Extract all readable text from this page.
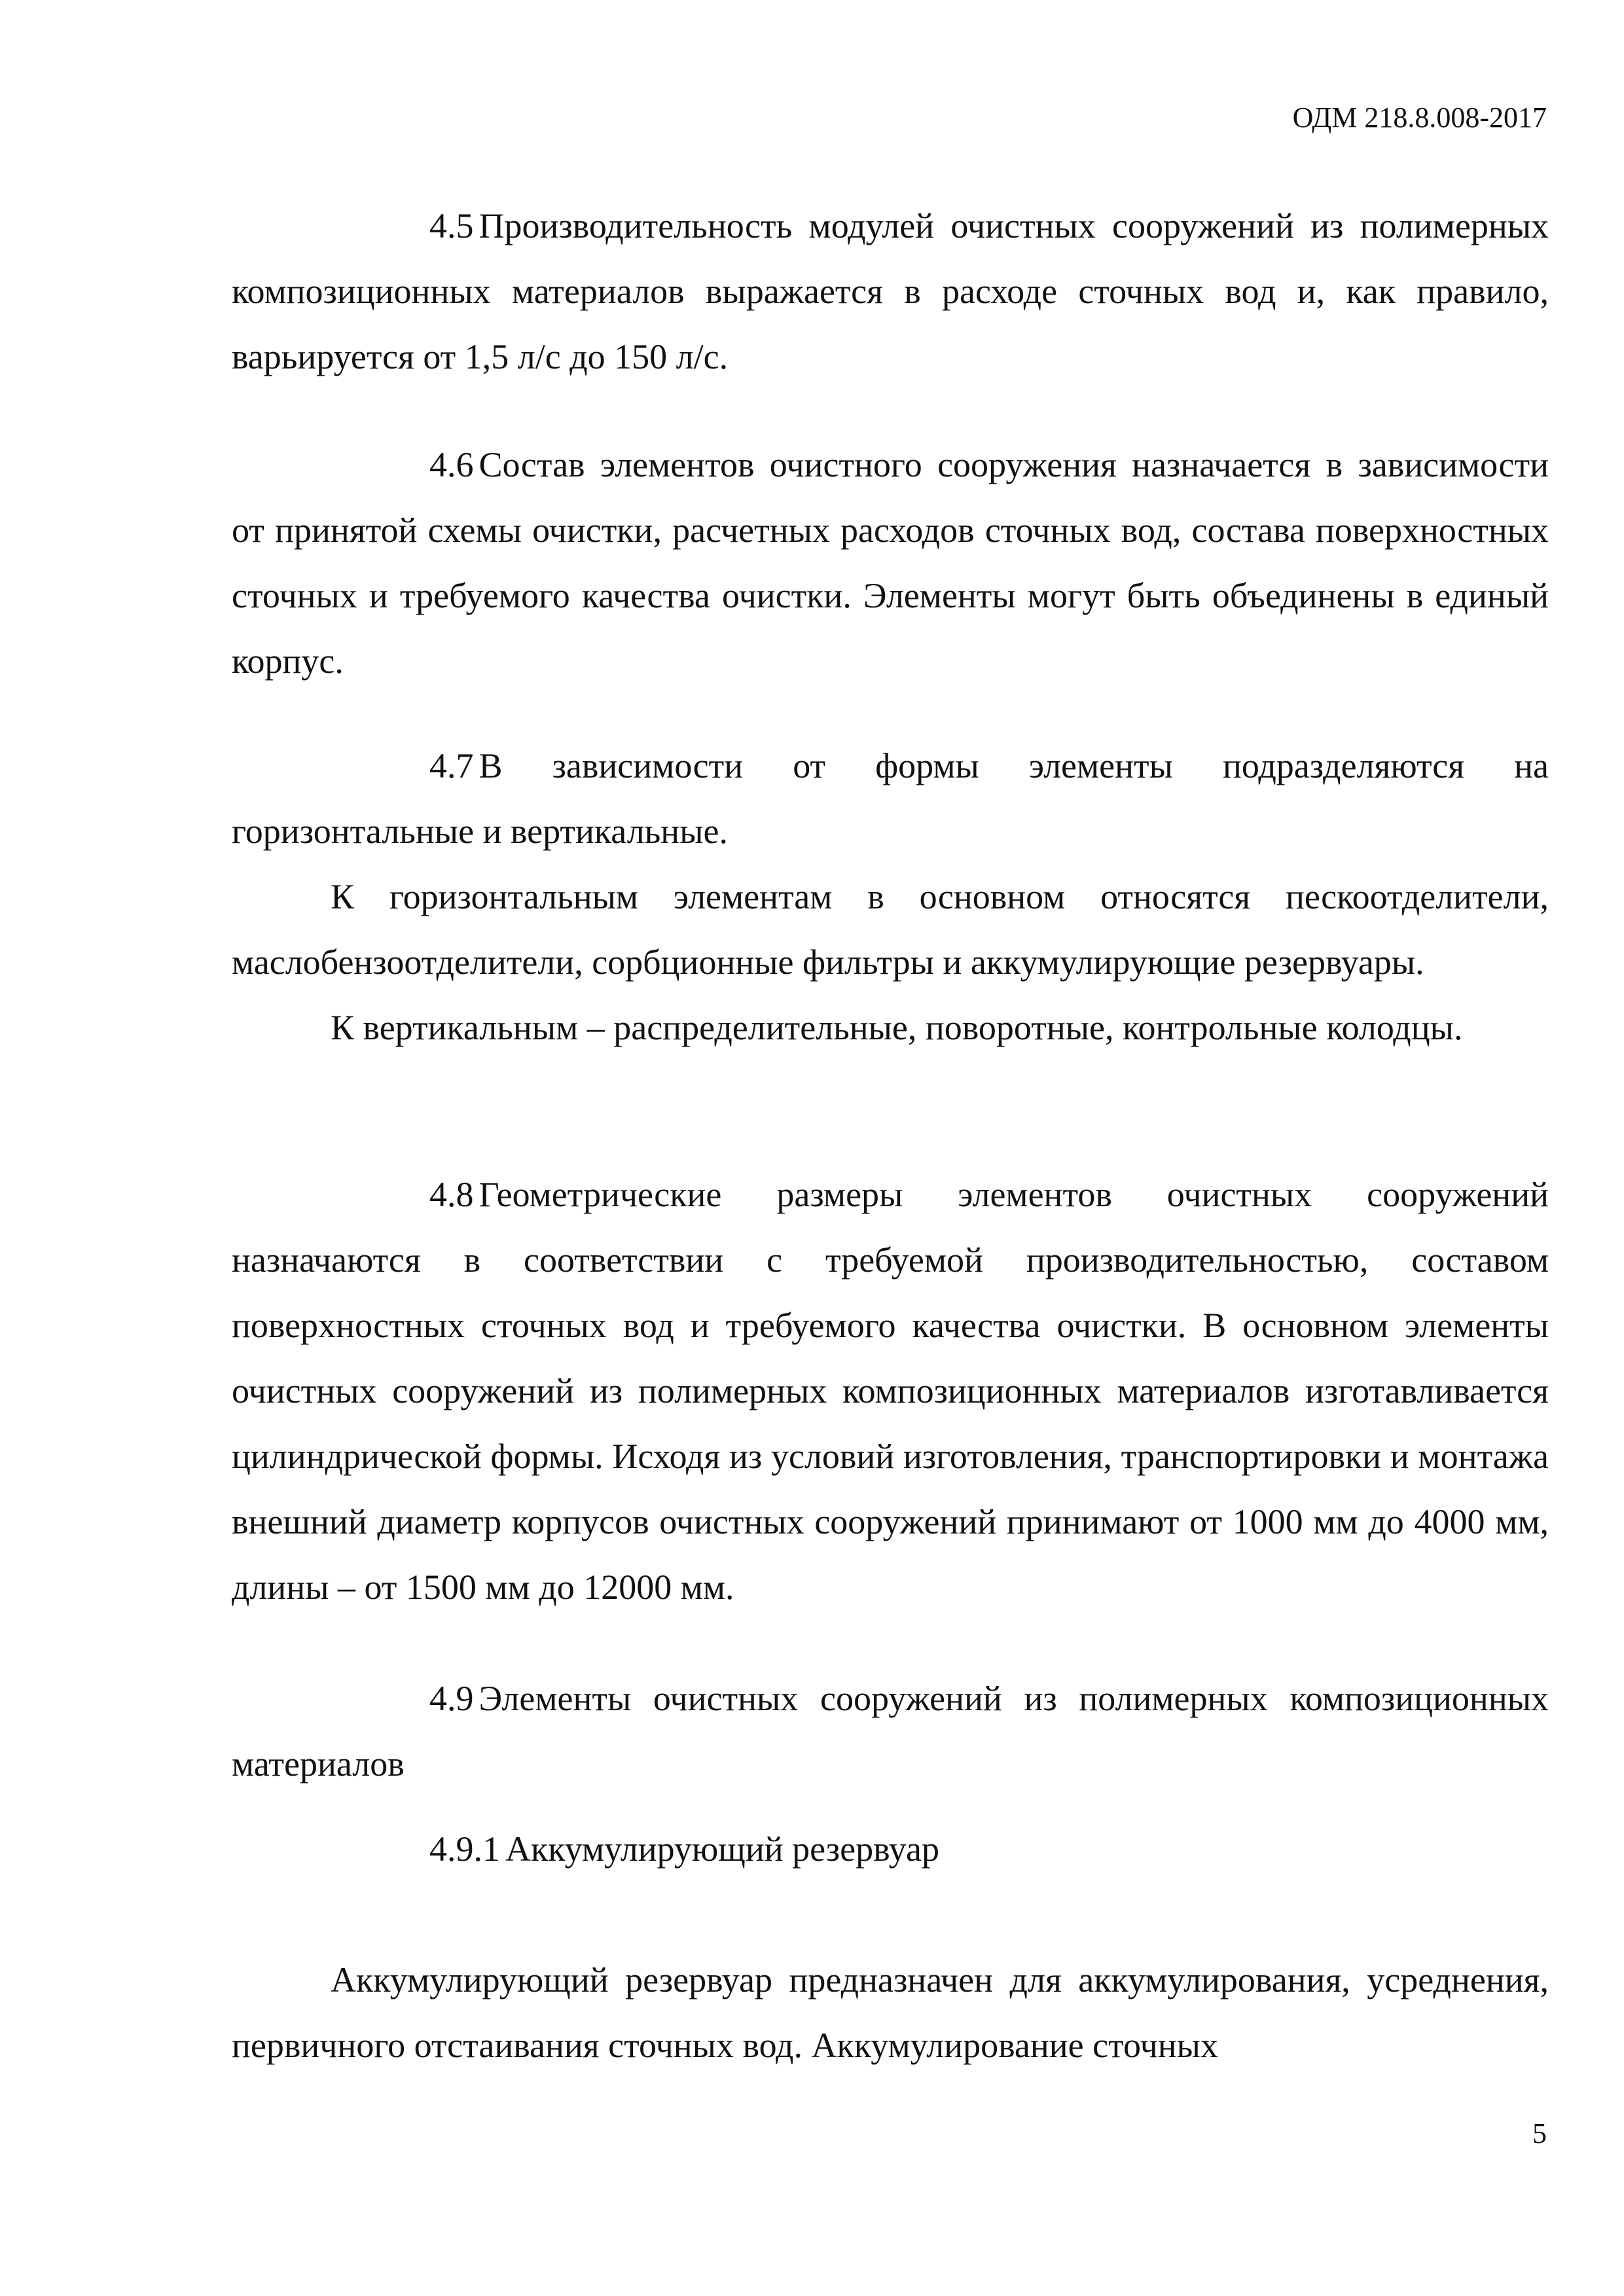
ОДМ 218.8.008-2017
4.5 Производительность модулей очистных сооружений из полимерных композиционных материалов выражается в расходе сточных вод и, как правило, варьируется от 1,5 л/с до 150 л/с.
4.6 Состав элементов очистного сооружения назначается в зависимости от принятой схемы очистки, расчетных расходов сточных вод, состава поверхностных сточных и требуемого качества очистки. Элементы могут быть объединены в единый корпус.
4.7 В зависимости от формы элементы подразделяются на горизонтальные и вертикальные.
К горизонтальным элементам в основном относятся пескоотделители, маслобензоотделители, сорбционные фильтры и аккумулирующие резервуары.
К вертикальным – распределительные, поворотные, контрольные колодцы.
4.8 Геометрические размеры элементов очистных сооружений назначаются в соответствии с требуемой производительностью, составом поверхностных сточных вод и требуемого качества очистки. В основном элементы очистных сооружений из полимерных композиционных материалов изготавливается цилиндрической формы. Исходя из условий изготовления, транспортировки и монтажа внешний диаметр корпусов очистных сооружений принимают от 1000 мм до 4000 мм, длины – от 1500 мм до 12000 мм.
4.9 Элементы очистных сооружений из полимерных композиционных материалов
4.9.1 Аккумулирующий резервуар
Аккумулирующий резервуар предназначен для аккумулирования, усреднения, первичного отстаивания сточных вод. Аккумулирование сточных
5
